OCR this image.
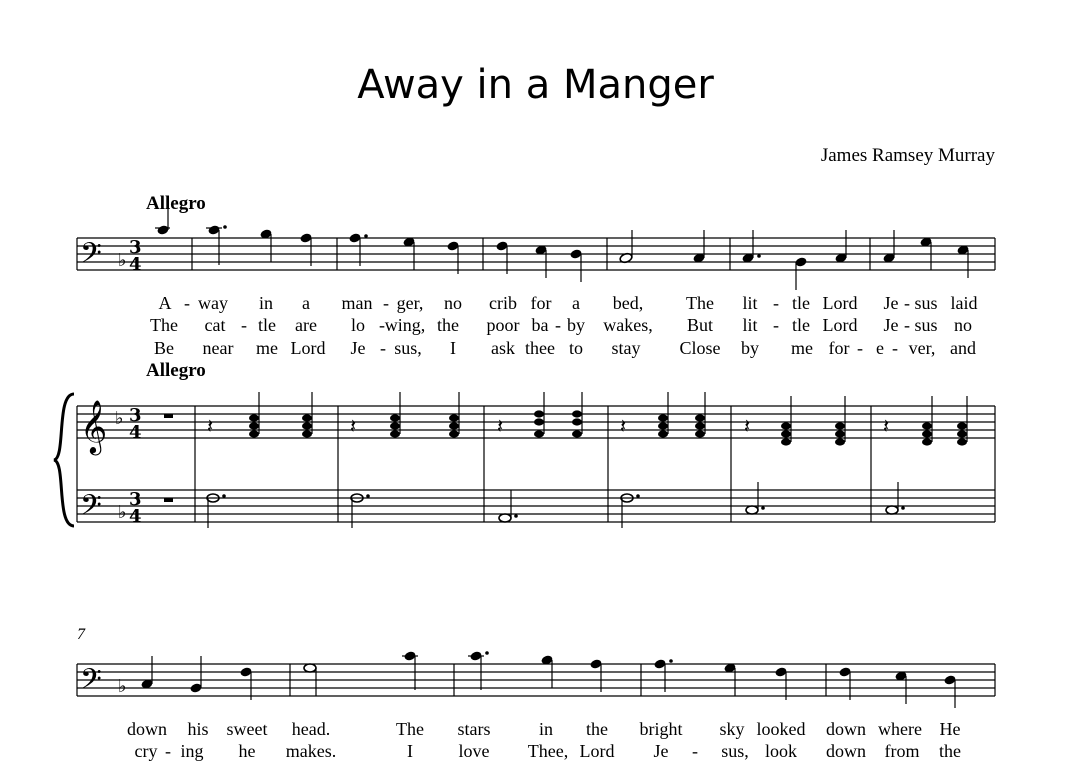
𝄢 ♭
3
4
𝄞 ♭ 3
4
𝄢 ♭
3
4
𝄽	𝄽	𝄽	𝄽	𝄽	𝄽
𝄢 ♭
Away in a Manger
James Ramsey Murray
Allegro
Allegro
7
A - way in a man - ger, no crib for a bed, The lit - tle Lord Je - sus laid
The cat - tle are lo - wing, the poor ba - by wakes, But lit - tle Lord Je - sus no
Be near me Lord Je - sus, I ask thee to stay Close by me for - e - ver, and
down his sweet head.	The stars	in the bright sky looked down where He
cry - ing he makes.	I	love Thee, Lord Je - sus, look down from the
